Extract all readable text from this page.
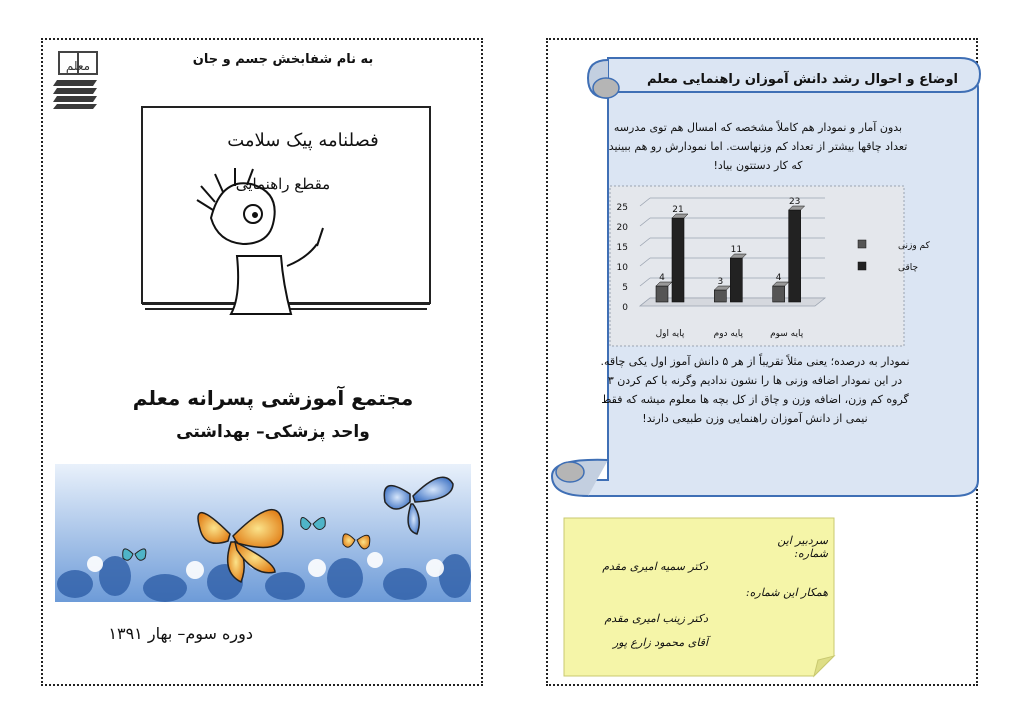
معلم	به نام شفابخش جسم و جان
فصلنامه پیک سلامت
مقطع راهنمایی
مجتمع آموزشی پسرانه معلم
واحد پزشکی– بهداشتی
دوره سوم– بهار ۱۳۹۱
اوضاع و احوال رشد دانش آموزان راهنمایی معلم
بدون آمار و نمودار هم کاملاً مشخصه که امسال هم توی مدرسه تعداد چاقها بیشتر از تعداد کم وزنهاست. اما نمودارش رو هم ببینید که کار دستتون بیاد!
0
5
10
15
20
25
4
21
پایه اول
3
11
پایه دوم
4
23
پایه سوم
کم وزنی
چاقی
نمودار به درصده؛ یعنی مثلاً تقریباً از هر ۵ دانش آموز اول یکی چاقه. در این نمودار اضافه وزنی ها را نشون ندادیم وگرنه با کم کردن ۳ گروه کم وزن، اضافه وزن و چاق از کل بچه ها معلوم میشه که فقط نیمی از دانش آموزان راهنمایی وزن طبیعی دارند!
سردبیر این شماره:
دکتر سمیه امیری مقدم
همکار این شماره:
دکتر زینب امیری مقدم
آقای محمود زارع پور
